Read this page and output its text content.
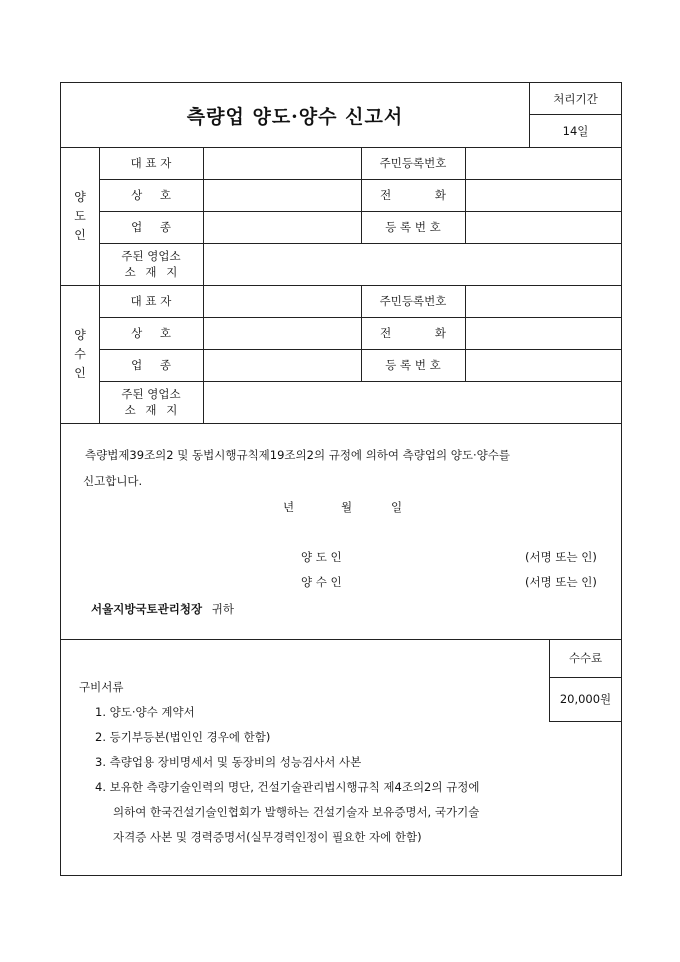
측량업 양도·양수 신고서
처리기간
14일
양
도
인
대 표 자	주민등록번호
상 호	전 화
업 종	등 록 번 호
주된 영업소
소 재 지
양
수
인
대 표 자	주민등록번호
상 호	전 화
업 종	등 록 번 호
주된 영업소
소 재 지
측량법제39조의2 및 동법시행규칙제19조의2의 규정에 의하여 측량업의 양도·양수를
신고합니다.
년	월	일
양 도 인	(서명 또는 인)
양 수 인	(서명 또는 인)
서울지방국토관리청장 귀하
수수료
20,000원
구비서류
1. 양도·양수 계약서
2. 등기부등본(법인인 경우에 한함)
3. 측량업용 장비명세서 및 동장비의 성능검사서 사본
4. 보유한 측량기술인력의 명단, 건설기술관리법시행규칙 제4조의2의 규정에
의하여 한국건설기술인협회가 발행하는 건설기술자 보유증명서, 국가기술
자격증 사본 및 경력증명서(실무경력인정이 필요한 자에 한함)
